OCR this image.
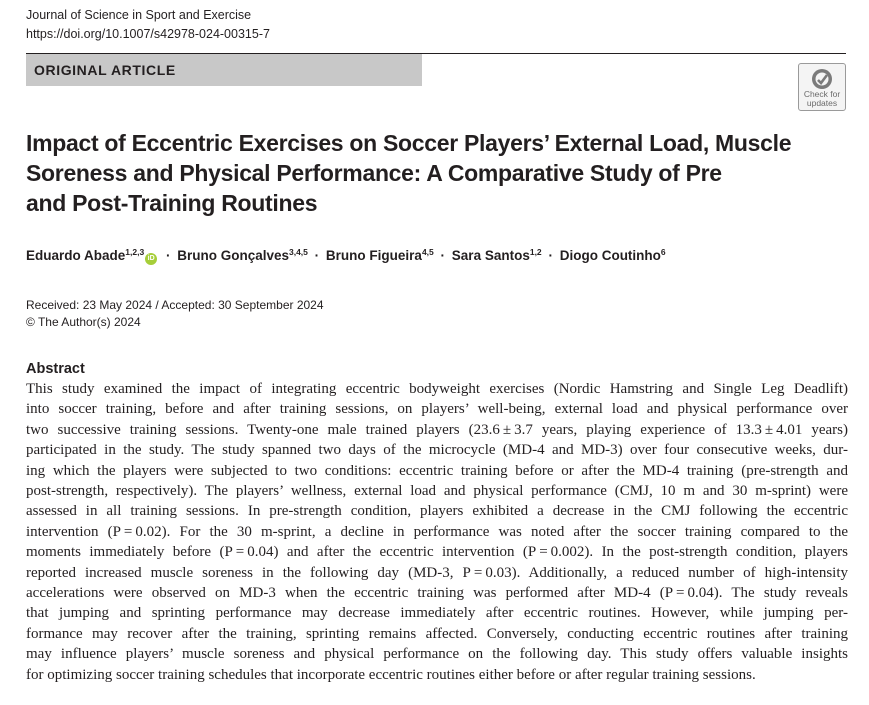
Journal of Science in Sport and Exercise
https://doi.org/10.1007/s42978-024-00315-7
ORIGINAL ARTICLE
Check for
updates
Impact of Eccentric Exercises on Soccer Players’ External Load, Muscle
Soreness and Physical Performance: A Comparative Study of Pre
and Post-Training Routines
Eduardo Abade$^{1,2,3}$iD · Bruno Gonçalves$^{3,4,5}$ · Bruno Figueira$^{4,5}$ · Sara Santos$^{1,2}$ · Diogo Coutinho$^6$
Received: 23 May 2024 / Accepted: 30 September 2024
© The Author(s) 2024
Abstract
This study examined the impact of integrating eccentric bodyweight exercises (Nordic Hamstring and Single Leg Deadlift)
into soccer training, before and after training sessions, on players’ well-being, external load and physical performance over
two successive training sessions. Twenty-one male trained players (23.6 ± 3.7 years, playing experience of 13.3 ± 4.01 years)
participated in the study. The study spanned two days of the microcycle (MD-4 and MD-3) over four consecutive weeks, dur-
ing which the players were subjected to two conditions: eccentric training before or after the MD-4 training (pre-strength and
post-strength, respectively). The players’ wellness, external load and physical performance (CMJ, 10 m and 30 m-sprint) were
assessed in all training sessions. In pre-strength condition, players exhibited a decrease in the CMJ following the eccentric
intervention (P = 0.02). For the 30 m-sprint, a decline in performance was noted after the soccer training compared to the
moments immediately before (P = 0.04) and after the eccentric intervention (P = 0.002). In the post-strength condition, players
reported increased muscle soreness in the following day (MD-3, P = 0.03). Additionally, a reduced number of high-intensity
accelerations were observed on MD-3 when the eccentric training was performed after MD-4 (P = 0.04). The study reveals
that jumping and sprinting performance may decrease immediately after eccentric routines. However, while jumping per-
formance may recover after the training, sprinting remains affected. Conversely, conducting eccentric routines after training
may influence players’ muscle soreness and physical performance on the following day. This study offers valuable insights
for optimizing soccer training schedules that incorporate eccentric routines either before or after regular training sessions.
